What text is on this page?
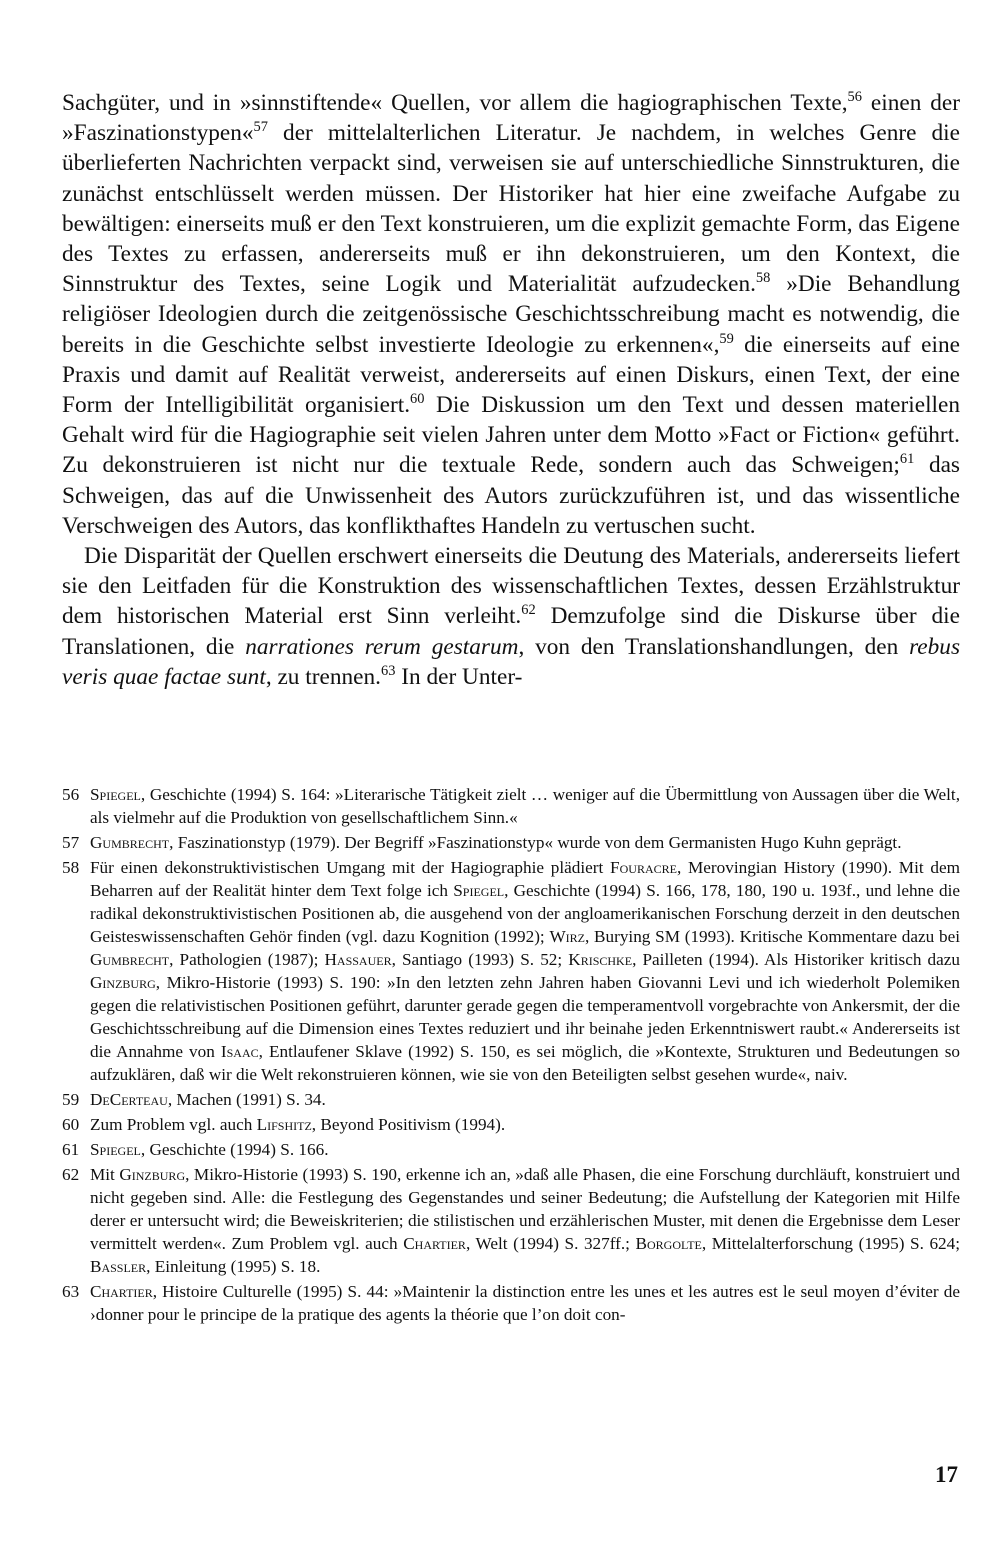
Sachgüter, und in »sinnstiftende« Quellen, vor allem die hagiographischen Texte,$^{56}$ einen der »Faszinationstypen«$^{57}$ der mittelalterlichen Literatur. Je nachdem, in welches Genre die überlieferten Nachrichten verpackt sind, verweisen sie auf unterschiedliche Sinnstrukturen, die zunächst entschlüsselt werden müssen. Der Historiker hat hier eine zweifache Aufgabe zu bewältigen: einerseits muß er den Text konstruieren, um die explizit gemachte Form, das Eigene des Textes zu erfassen, andererseits muß er ihn dekonstruieren, um den Kontext, die Sinnstruktur des Textes, seine Logik und Materialität aufzudecken.$^{58}$ »Die Behandlung religiöser Ideologien durch die zeitgenössische Geschichtsschreibung macht es notwendig, die bereits in die Geschichte selbst investierte Ideologie zu erkennen«,$^{59}$ die einerseits auf eine Praxis und damit auf Realität verweist, andererseits auf einen Diskurs, einen Text, der eine Form der Intelligibilität organisiert.$^{60}$ Die Diskussion um den Text und dessen materiellen Gehalt wird für die Hagiographie seit vielen Jahren unter dem Motto »Fact or Fiction« geführt. Zu dekonstruieren ist nicht nur die textuale Rede, sondern auch das Schweigen;$^{61}$ das Schweigen, das auf die Unwissenheit des Autors zurückzuführen ist, und das wissentliche Verschweigen des Autors, das konflikthaftes Handeln zu vertuschen sucht.

Die Disparität der Quellen erschwert einerseits die Deutung des Materials, andererseits liefert sie den Leitfaden für die Konstruktion des wissenschaftlichen Textes, dessen Erzählstruktur dem historischen Material erst Sinn verleiht.$^{62}$ Demzufolge sind die Diskurse über die Translationen, die narrationes rerum gestarum, von den Translationshandlungen, den rebus veris quae factae sunt, zu trennen.$^{63}$ In der Unter-

56 Spiegel, Geschichte (1994) S. 164: »Literarische Tätigkeit zielt … weniger auf die Übermittlung von Aussagen über die Welt, als vielmehr auf die Produktion von gesellschaftlichem Sinn.«
57 Gumbrecht, Faszinationstyp (1979). Der Begriff »Faszinationstyp« wurde von dem Germanisten Hugo Kuhn geprägt.
58 Für einen dekonstruktivistischen Umgang mit der Hagiographie plädiert Fouracre, Merovingian History (1990). Mit dem Beharren auf der Realität hinter dem Text folge ich Spiegel, Geschichte (1994) S. 166, 178, 180, 190 u. 193f., und lehne die radikal dekonstruktivistischen Positionen ab, die ausgehend von der angloamerikanischen Forschung derzeit in den deutschen Geisteswissenschaften Gehör finden (vgl. dazu Kognition (1992); Wirz, Burying SM (1993). Kritische Kommentare dazu bei Gumbrecht, Pathologien (1987); Hassauer, Santiago (1993) S. 52; Krischke, Pailleten (1994). Als Historiker kritisch dazu Ginzburg, Mikro-Historie (1993) S. 190: »In den letzten zehn Jahren haben Giovanni Levi und ich wiederholt Polemiken gegen die relativistischen Positionen geführt, darunter gerade gegen die temperamentvoll vorgebrachte von Ankersmit, der die Geschichtsschreibung auf die Dimension eines Textes reduziert und ihr beinahe jeden Erkenntniswert raubt.« Andererseits ist die Annahme von Isaac, Entlaufener Sklave (1992) S. 150, es sei möglich, die »Kontexte, Strukturen und Bedeutungen so aufzuklären, daß wir die Welt rekonstruieren können, wie sie von den Beteiligten selbst gesehen wurde«, naiv.
59 DeCerteau, Machen (1991) S. 34.
60 Zum Problem vgl. auch Lifshitz, Beyond Positivism (1994).
61 Spiegel, Geschichte (1994) S. 166.
62 Mit Ginzburg, Mikro-Historie (1993) S. 190, erkenne ich an, »daß alle Phasen, die eine Forschung durchläuft, konstruiert und nicht gegeben sind. Alle: die Festlegung des Gegenstandes und seiner Bedeutung; die Aufstellung der Kategorien mit Hilfe derer er untersucht wird; die Beweiskriterien; die stilistischen und erzählerischen Muster, mit denen die Ergebnisse dem Leser vermittelt werden«. Zum Problem vgl. auch Chartier, Welt (1994) S. 327ff.; Borgolte, Mittelalterforschung (1995) S. 624; Bassler, Einleitung (1995) S. 18.
63 Chartier, Histoire Culturelle (1995) S. 44: »Maintenir la distinction entre les unes et les autres est le seul moyen d’éviter de ›donner pour le principe de la pratique des agents la théorie que l’on doit con-
17
